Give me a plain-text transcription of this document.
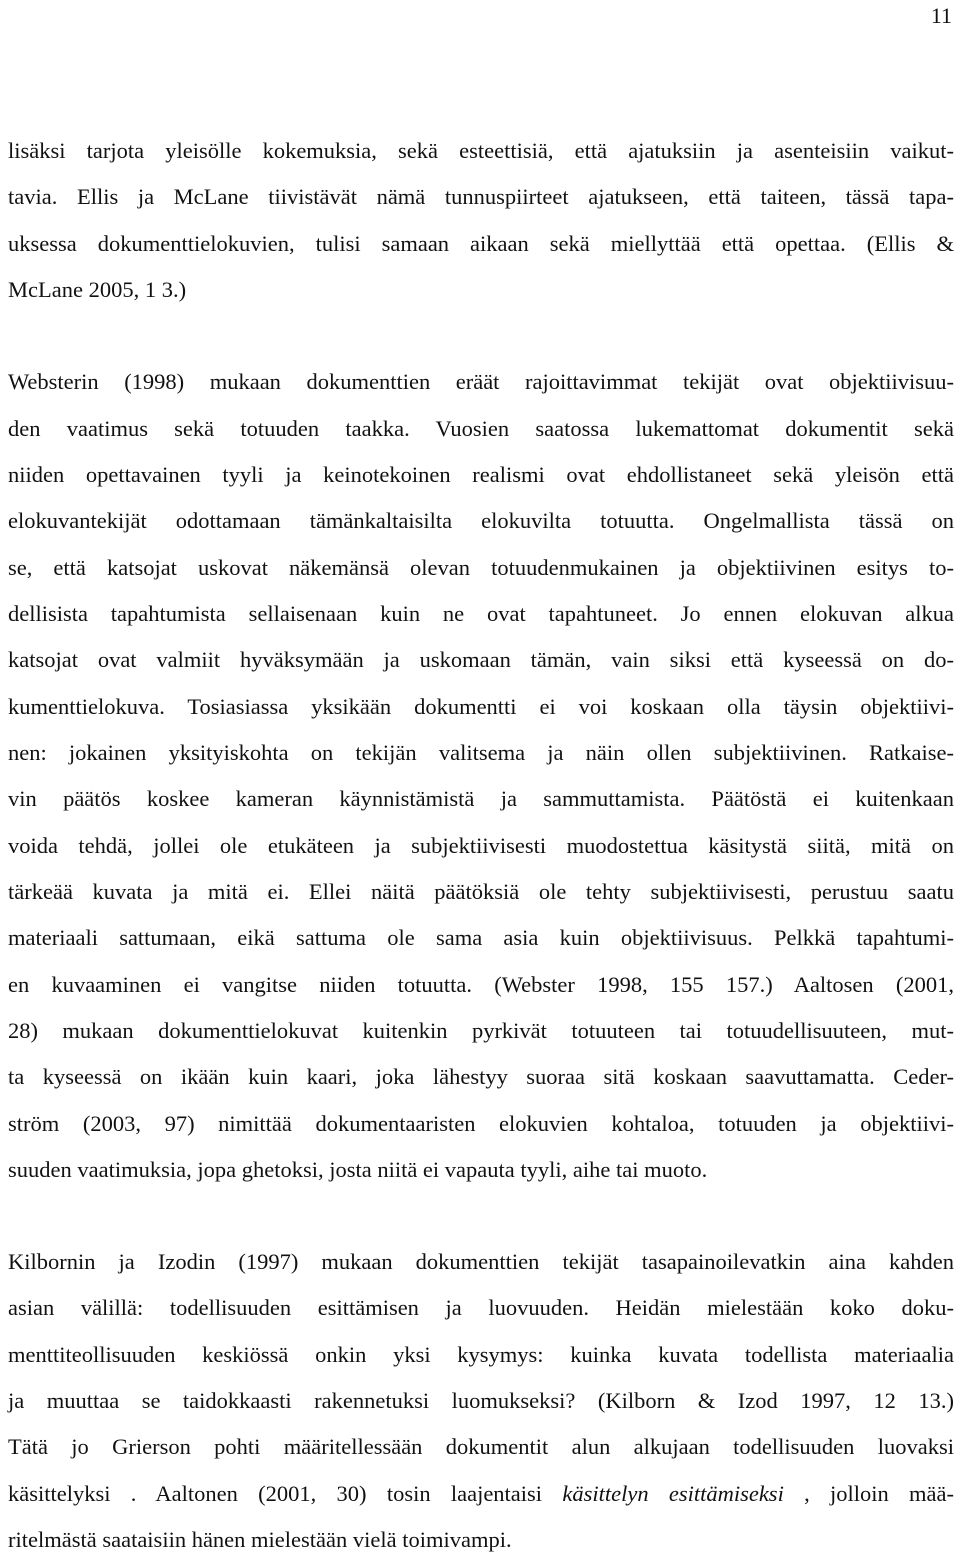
11
lisäksi tarjota yleisölle kokemuksia, sekä esteettisiä, että ajatuksiin ja asenteisiin vaikut-
tavia. Ellis ja McLane tiivistävät nämä tunnuspiirteet ajatukseen, että taiteen, tässä tapa-
uksessa dokumenttielokuvien, tulisi samaan aikaan sekä miellyttää että opettaa. (Ellis &
McLane 2005, 1 3.)
Websterin (1998) mukaan dokumenttien eräät rajoittavimmat tekijät ovat objektiivisuu-
den vaatimus sekä totuuden taakka. Vuosien saatossa lukemattomat dokumentit sekä
niiden opettavainen tyyli ja keinotekoinen realismi ovat ehdollistaneet sekä yleisön että
elokuvantekijät odottamaan tämänkaltaisilta elokuvilta totuutta. Ongelmallista tässä on
se, että katsojat uskovat näkemänsä olevan totuudenmukainen ja objektiivinen esitys to-
dellisista tapahtumista sellaisenaan kuin ne ovat tapahtuneet. Jo ennen elokuvan alkua
katsojat ovat valmiit hyväksymään ja uskomaan tämän, vain siksi että kyseessä on do-
kumenttielokuva. Tosiasiassa yksikään dokumentti ei voi koskaan olla täysin objektiivi-
nen: jokainen yksityiskohta on tekijän valitsema ja näin ollen subjektiivinen. Ratkaise-
vin päätös koskee kameran käynnistämistä ja sammuttamista. Päätöstä ei kuitenkaan
voida tehdä, jollei ole etukäteen ja subjektiivisesti muodostettua käsitystä siitä, mitä on
tärkeää kuvata ja mitä ei. Ellei näitä päätöksiä ole tehty subjektiivisesti, perustuu saatu
materiaali sattumaan, eikä sattuma ole sama asia kuin objektiivisuus. Pelkkä tapahtumi-
en kuvaaminen ei vangitse niiden totuutta. (Webster 1998, 155 157.) Aaltosen (2001,
28) mukaan dokumenttielokuvat kuitenkin pyrkivät totuuteen tai totuudellisuuteen, mut-
ta kyseessä on ikään kuin kaari, joka lähestyy suoraa sitä koskaan saavuttamatta. Ceder-
ström (2003, 97) nimittää dokumentaaristen elokuvien kohtaloa, totuuden ja objektiivi-
suuden vaatimuksia, jopa ghetoksi, josta niitä ei vapauta tyyli, aihe tai muoto.
Kilbornin ja Izodin (1997) mukaan dokumenttien tekijät tasapainoilevatkin aina kahden
asian välillä: todellisuuden esittämisen ja luovuuden. Heidän mielestään koko doku-
menttiteollisuuden keskiössä onkin yksi kysymys: kuinka kuvata todellista materiaalia
ja muuttaa se taidokkaasti rakennetuksi luomukseksi? (Kilborn & Izod 1997, 12 13.)
Tätä jo Grierson pohti määritellessään dokumentit alun alkujaan todellisuuden luovaksi
käsittelyksi . Aaltonen (2001, 30) tosin laajentaisi käsittelyn esittämiseksi , jolloin mää-
ritelmästä saataisiin hänen mielestään vielä toimivampi.
